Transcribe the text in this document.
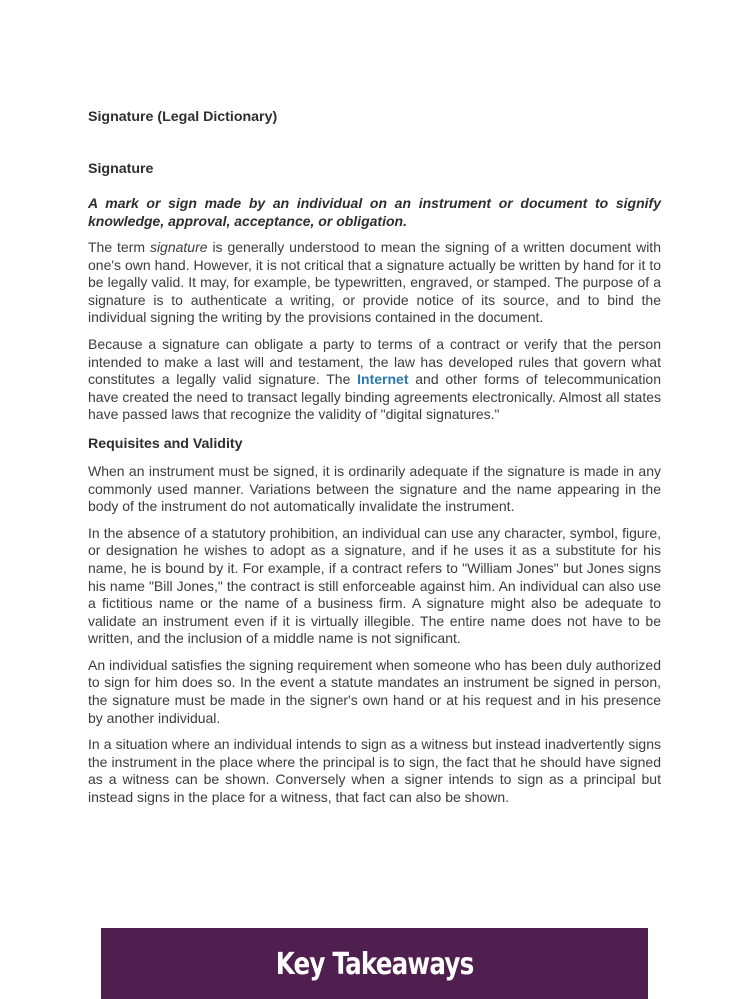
Signature (Legal Dictionary)

Signature

A mark or sign made by an individual on an instrument or document to signify knowledge, approval, acceptance, or obligation.

The term signature is generally understood to mean the signing of a written document with one's own hand. However, it is not critical that a signature actually be written by hand for it to be legally valid. It may, for example, be typewritten, engraved, or stamped. The purpose of a signature is to authenticate a writing, or provide notice of its source, and to bind the individual signing the writing by the provisions contained in the document.

Because a signature can obligate a party to terms of a contract or verify that the person intended to make a last will and testament, the law has developed rules that govern what constitutes a legally valid signature. The Internet and other forms of telecommunication have created the need to transact legally binding agreements electronically. Almost all states have passed laws that recognize the validity of "digital signatures."

Requisites and Validity

When an instrument must be signed, it is ordinarily adequate if the signature is made in any commonly used manner. Variations between the signature and the name appearing in the body of the instrument do not automatically invalidate the instrument.

In the absence of a statutory prohibition, an individual can use any character, symbol, figure, or designation he wishes to adopt as a signature, and if he uses it as a substitute for his name, he is bound by it. For example, if a contract refers to "William Jones" but Jones signs his name "Bill Jones," the contract is still enforceable against him. An individual can also use a fictitious name or the name of a business firm. A signature might also be adequate to validate an instrument even if it is virtually illegible. The entire name does not have to be written, and the inclusion of a middle name is not significant.

An individual satisfies the signing requirement when someone who has been duly authorized to sign for him does so. In the event a statute mandates an instrument be signed in person, the signature must be made in the signer's own hand or at his request and in his presence by another individual.

In a situation where an individual intends to sign as a witness but instead inadvertently signs the instrument in the place where the principal is to sign, the fact that he should have signed as a witness can be shown. Conversely when a signer intends to sign as a principal but instead signs in the place for a witness, that fact can also be shown.

Key Takeaways
